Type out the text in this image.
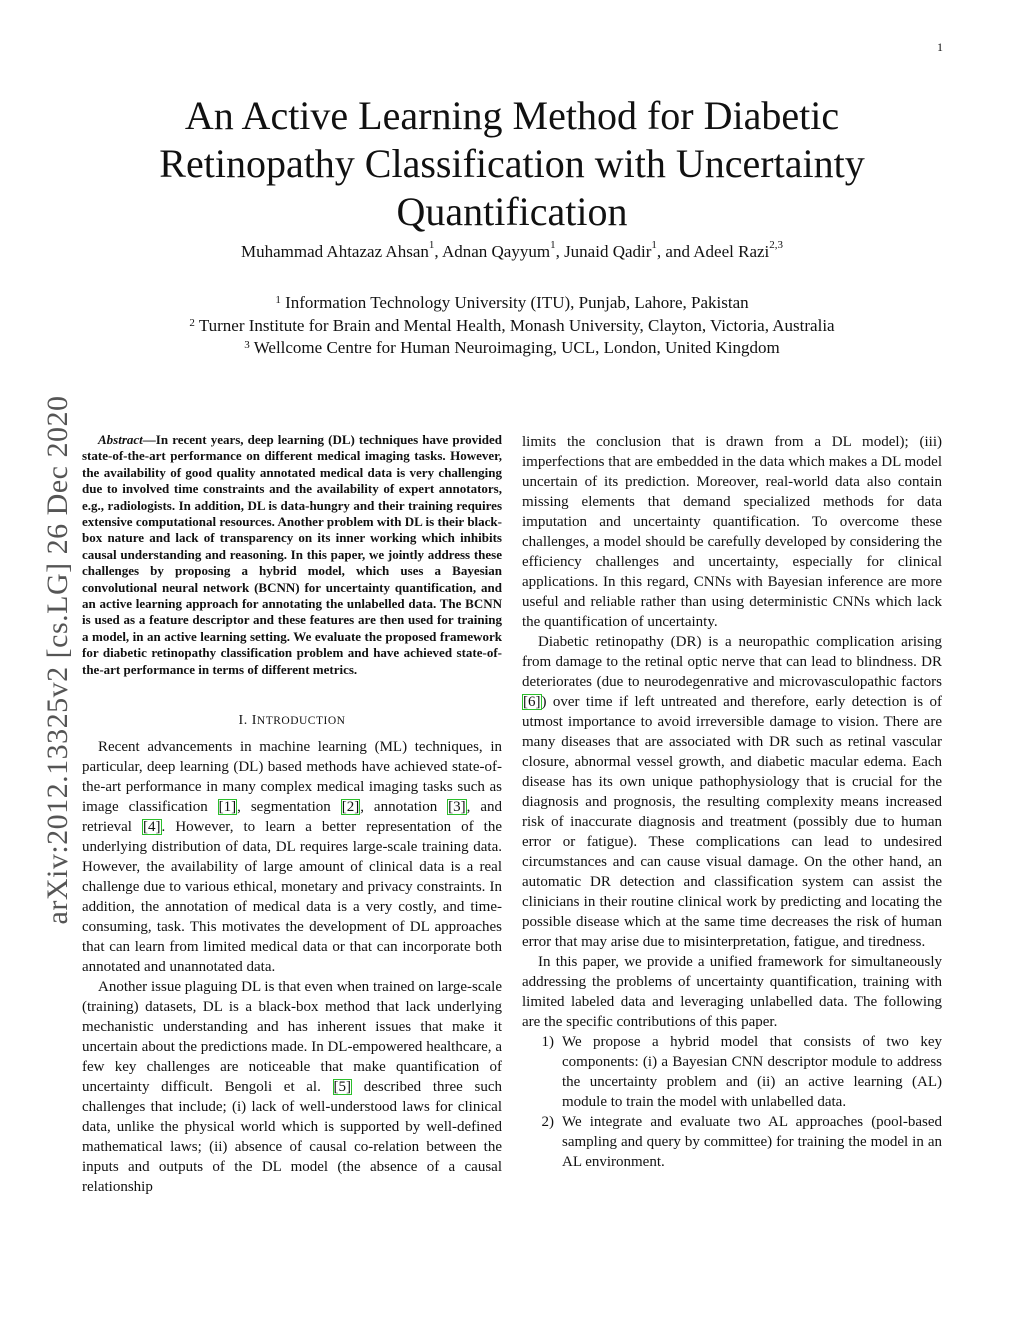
1
arXiv:2012.13325v2 [cs.LG] 26 Dec 2020
An Active Learning Method for Diabetic Retinopathy Classification with Uncertainty Quantification
Muhammad Ahtazaz Ahsan$^1$, Adnan Qayyum$^1$, Junaid Qadir$^1$, and Adeel Razi$^{2,3}$

$^1$ Information Technology University (ITU), Punjab, Lahore, Pakistan

$^2$ Turner Institute for Brain and Mental Health, Monash University, Clayton, Victoria, Australia

$^3$ Wellcome Centre for Human Neuroimaging, UCL, London, United Kingdom

Abstract—In recent years, deep learning (DL) techniques have provided state-of-the-art performance on different medical imaging tasks. However, the availability of good quality annotated medical data is very challenging due to involved time constraints and the availability of expert annotators, e.g., radiologists. In addition, DL is data-hungry and their training requires extensive computational resources. Another problem with DL is their black-box nature and lack of transparency on its inner working which inhibits causal understanding and reasoning. In this paper, we jointly address these challenges by proposing a hybrid model, which uses a Bayesian convolutional neural network (BCNN) for uncertainty quantification, and an active learning approach for annotating the unlabelled data. The BCNN is used as a feature descriptor and these features are then used for training a model, in an active learning setting. We evaluate the proposed framework for diabetic retinopathy classification problem and have achieved state-of-the-art performance in terms of different metrics.

I. INTRODUCTION

Recent advancements in machine learning (ML) techniques, in particular, deep learning (DL) based methods have achieved state-of-the-art performance in many complex medical imaging tasks such as image classification [1], segmentation [2], annotation [3], and retrieval [4]. However, to learn a better representation of the underlying distribution of data, DL requires large-scale training data. However, the availability of large amount of clinical data is a real challenge due to various ethical, monetary and privacy constraints. In addition, the annotation of medical data is a very costly, and time-consuming, task. This motivates the development of DL approaches that can learn from limited medical data or that can incorporate both annotated and unannotated data.

Another issue plaguing DL is that even when trained on large-scale (training) datasets, DL is a black-box method that lack underlying mechanistic understanding and has inherent issues that make it uncertain about the predictions made. In DL-empowered healthcare, a few key challenges are noticeable that make quantification of uncertainty difficult. Bengoli et al. [5] described three such challenges that include; (i) lack of well-understood laws for clinical data, unlike the physical world which is supported by well-defined mathematical laws; (ii) absence of causal co-relation between the inputs and outputs of the DL model (the absence of a causal relationship

limits the conclusion that is drawn from a DL model); (iii) imperfections that are embedded in the data which makes a DL model uncertain of its prediction. Moreover, real-world data also contain missing elements that demand specialized methods for data imputation and uncertainty quantification. To overcome these challenges, a model should be carefully developed by considering the efficiency challenges and uncertainty, especially for clinical applications. In this regard, CNNs with Bayesian inference are more useful and reliable rather than using deterministic CNNs which lack the quantification of uncertainty.

Diabetic retinopathy (DR) is a neuropathic complication arising from damage to the retinal optic nerve that can lead to blindness. DR deteriorates (due to neurodegenrative and microvasculopathic factors [6]) over time if left untreated and therefore, early detection is of utmost importance to avoid irreversible damage to vision. There are many diseases that are associated with DR such as retinal vascular closure, abnormal vessel growth, and diabetic macular edema. Each disease has its own unique pathophysiology that is crucial for the diagnosis and prognosis, the resulting complexity means increased risk of inaccurate diagnosis and treatment (possibly due to human error or fatigue). These complications can lead to undesired circumstances and can cause visual damage. On the other hand, an automatic DR detection and classification system can assist the clinicians in their routine clinical work by predicting and locating the possible disease which at the same time decreases the risk of human error that may arise due to misinterpretation, fatigue, and tiredness.

In this paper, we provide a unified framework for simultaneously addressing the problems of uncertainty quantification, training with limited labeled data and leveraging unlabelled data. The following are the specific contributions of this paper.

1) We propose a hybrid model that consists of two key components: (i) a Bayesian CNN descriptor module to address the uncertainty problem and (ii) an active learning (AL) module to train the model with unlabelled data.
2) We integrate and evaluate two AL approaches (pool-based sampling and query by committee) for training the model in an AL environment.
